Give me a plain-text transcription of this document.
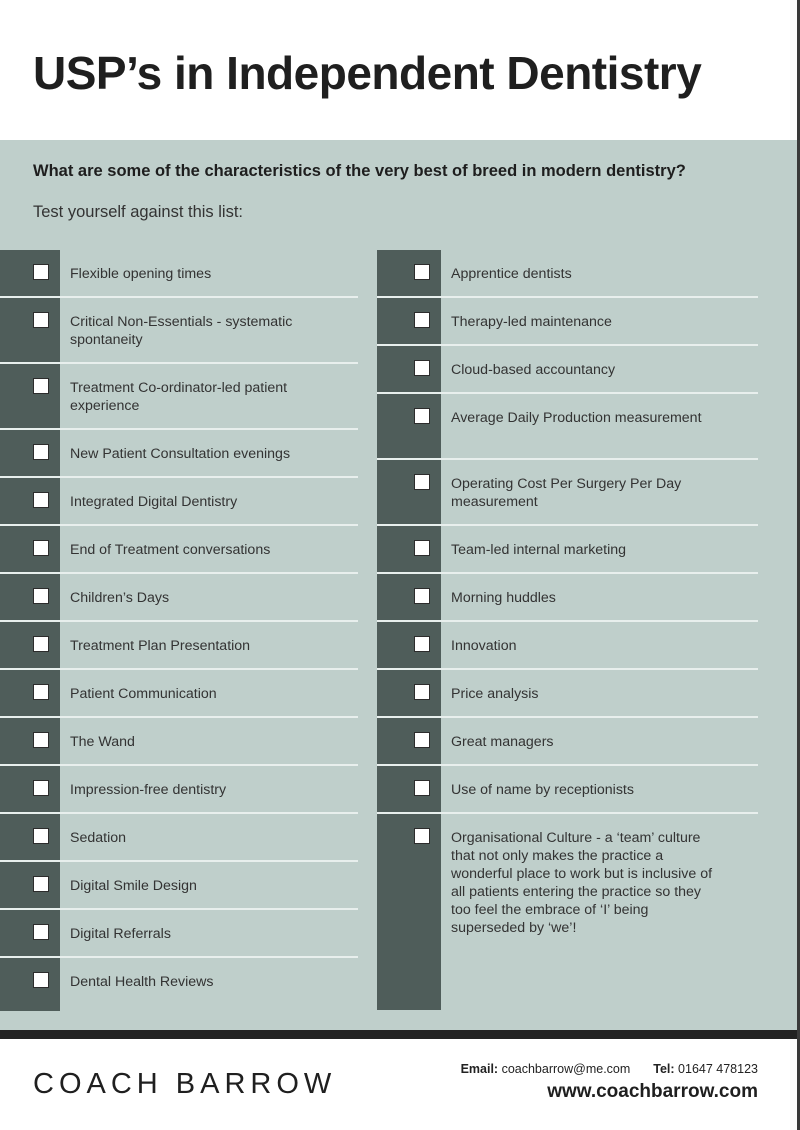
USP’s in Independent Dentistry

What are some of the characteristics of the very best of breed in modern dentistry?

Test yourself against this list:

Flexible opening times
Critical Non-Essentials - systematic spontaneity
Treatment Co-ordinator-led patient experience
New Patient Consultation evenings
Integrated Digital Dentistry
End of Treatment conversations
Children’s Days
Treatment Plan Presentation
Patient Communication
The Wand
Impression-free dentistry
Sedation
Digital Smile Design
Digital Referrals
Dental Health Reviews
Apprentice dentists
Therapy-led maintenance
Cloud-based accountancy
Average Daily Production measurement
Operating Cost Per Surgery Per Day measurement
Team-led internal marketing
Morning huddles
Innovation
Price analysis
Great managers
Use of name by receptionists
Organisational Culture - a ‘team’ culture that not only makes the practice a wonderful place to work but is inclusive of all patients entering the practice so they too feel the embrace of ‘I’ being superseded by ‘we’!
COACH BARROW	Email: coachbarrow@me.com Tel: 01647 478123
www.coachbarrow.com
